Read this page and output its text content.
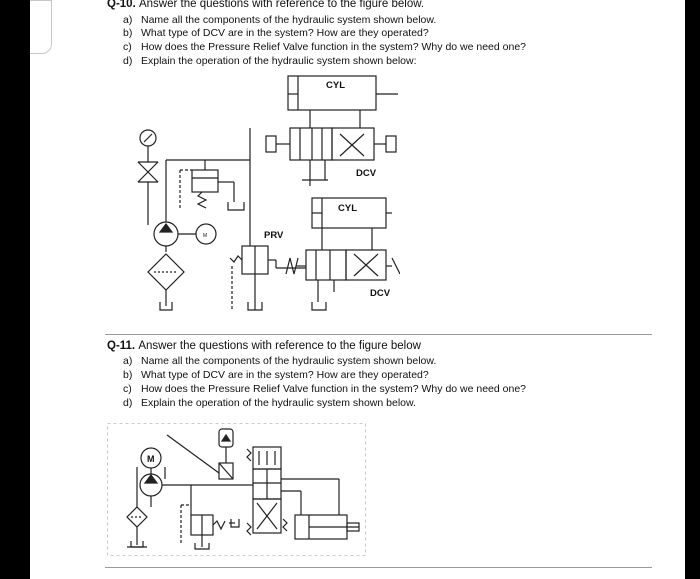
Q-10. Answer the questions with reference to the figure below.
a) Name all the components of the hydraulic system shown below.
b) What type of DCV are in the system? How are they operated?
c) How does the Pressure Relief Valve function in the system? Why do we need one?
d) Explain the operation of the hydraulic system shown below:
CYL
DCV
M
CYL
PRV
DCV
Q-11. Answer the questions with reference to the figure below
a) Name all the components of the hydraulic system shown below.
b) What type of DCV are in the system? How are they operated?
c) How does the Pressure Relief Valve function in the system? Why do we need one?
d) Explain the operation of the hydraulic system shown below.
M
